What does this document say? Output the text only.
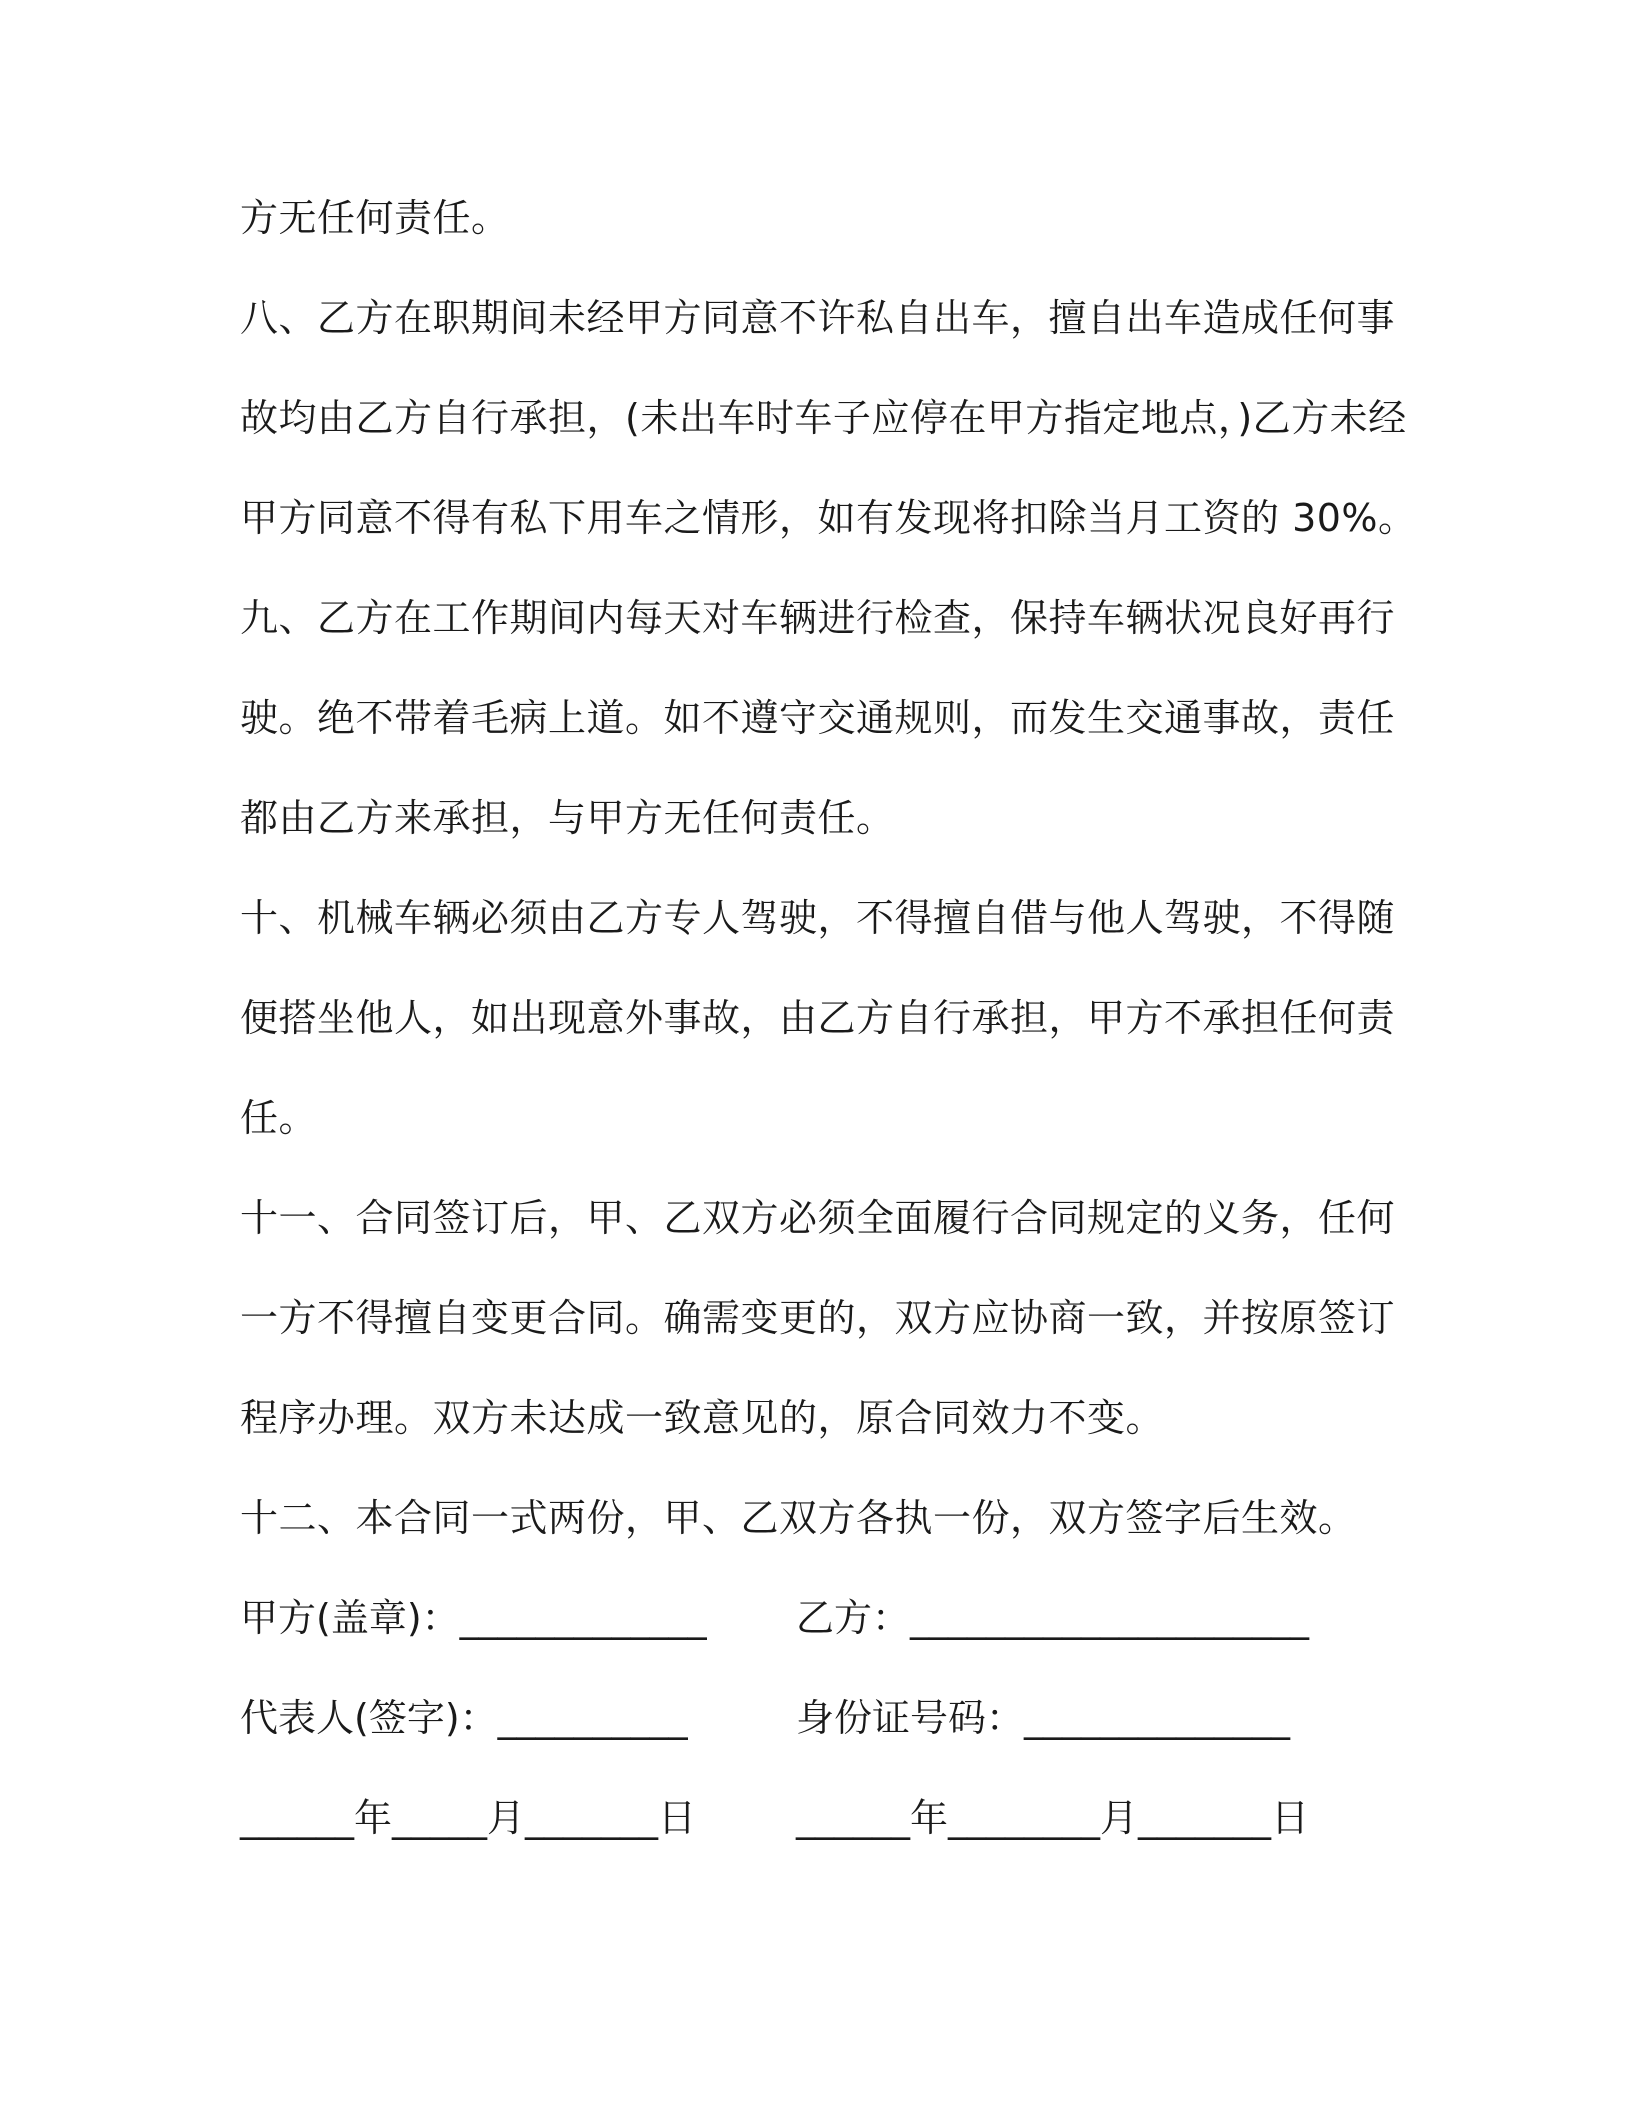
方无任何责任。
八、乙方在职期间未经甲方同意不许私自出车，擅自出车造成任何事
故均由乙方自行承担，(未出车时车子应停在甲方指定地点，)乙方未经
甲方同意不得有私下用车之情形，如有发现将扣除当月工资的 30%。
九、乙方在工作期间内每天对车辆进行检查，保持车辆状况良好再行
驶。绝不带着毛病上道。如不遵守交通规则，而发生交通事故，责任
都由乙方来承担，与甲方无任何责任。
十、机械车辆必须由乙方专人驾驶，不得擅自借与他人驾驶，不得随
便搭坐他人，如出现意外事故，由乙方自行承担，甲方不承担任何责
任。
十一、合同签订后，甲、乙双方必须全面履行合同规定的义务，任何
一方不得擅自变更合同。确需变更的，双方应协商一致，并按原签订
程序办理。双方未达成一致意见的，原合同效力不变。
十二、本合同一式两份，甲、乙双方各执一份，双方签字后生效。
甲方(盖章)：_____________ 乙方：_____________________
代表人(签字)：__________	身份证号码：______________
______年_____月_______日	______年________月_______日
